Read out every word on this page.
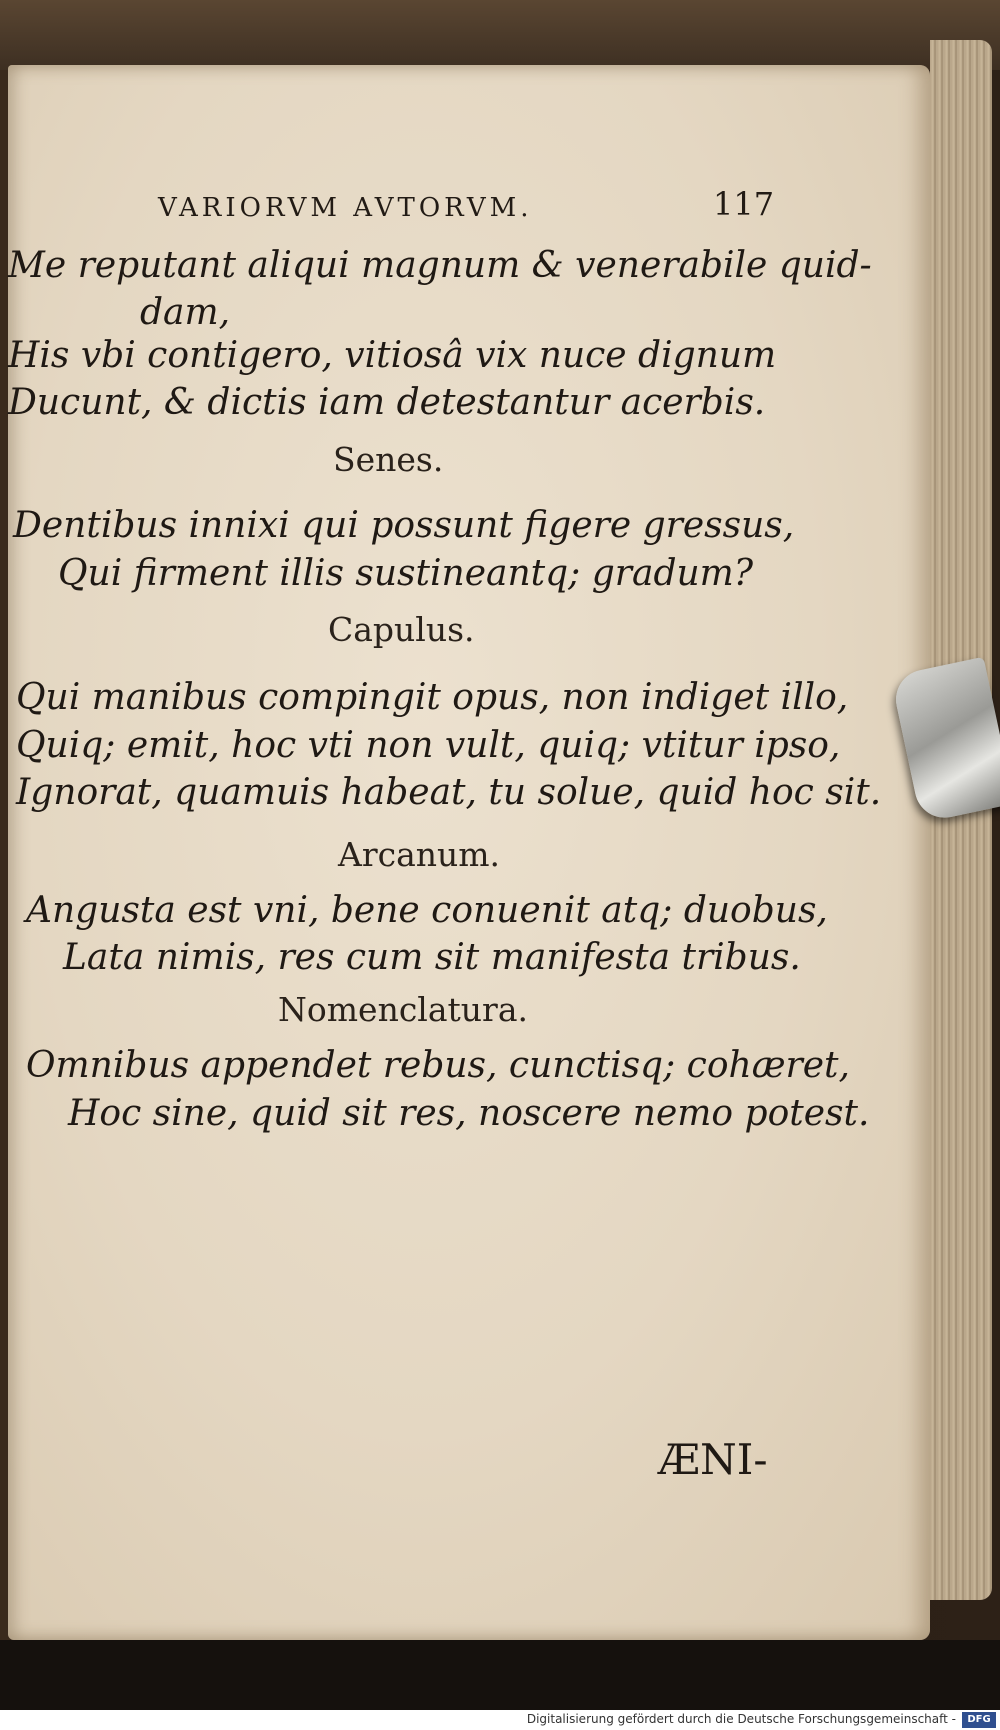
VARIORVM AVTORVM.	117
Me reputant aliqui magnum & venerabile quid-
dam,
His vbi contigero, vitiosâ vix nuce dignum
Ducunt, & dictis iam detestantur acerbis.
Senes.
Dentibus innixi qui possunt figere gressus,
Qui firment illis sustineantq; gradum?
Capulus.
Qui manibus compingit opus, non indiget illo,
Quiq; emit, hoc vti non vult, quiq; vtitur ipso,
Ignorat, quamuis habeat, tu solue, quid hoc sit.
Arcanum.
Angusta est vni, bene conuenit atq; duobus,
Lata nimis, res cum sit manifesta tribus.
Nomenclatura.
Omnibus appendet rebus, cunctisq; cohæret,
Hoc sine, quid sit res, noscere nemo potest.
ÆNI-
Digitalisierung gefördert durch die Deutsche Forschungsgemeinschaft -	DFG
